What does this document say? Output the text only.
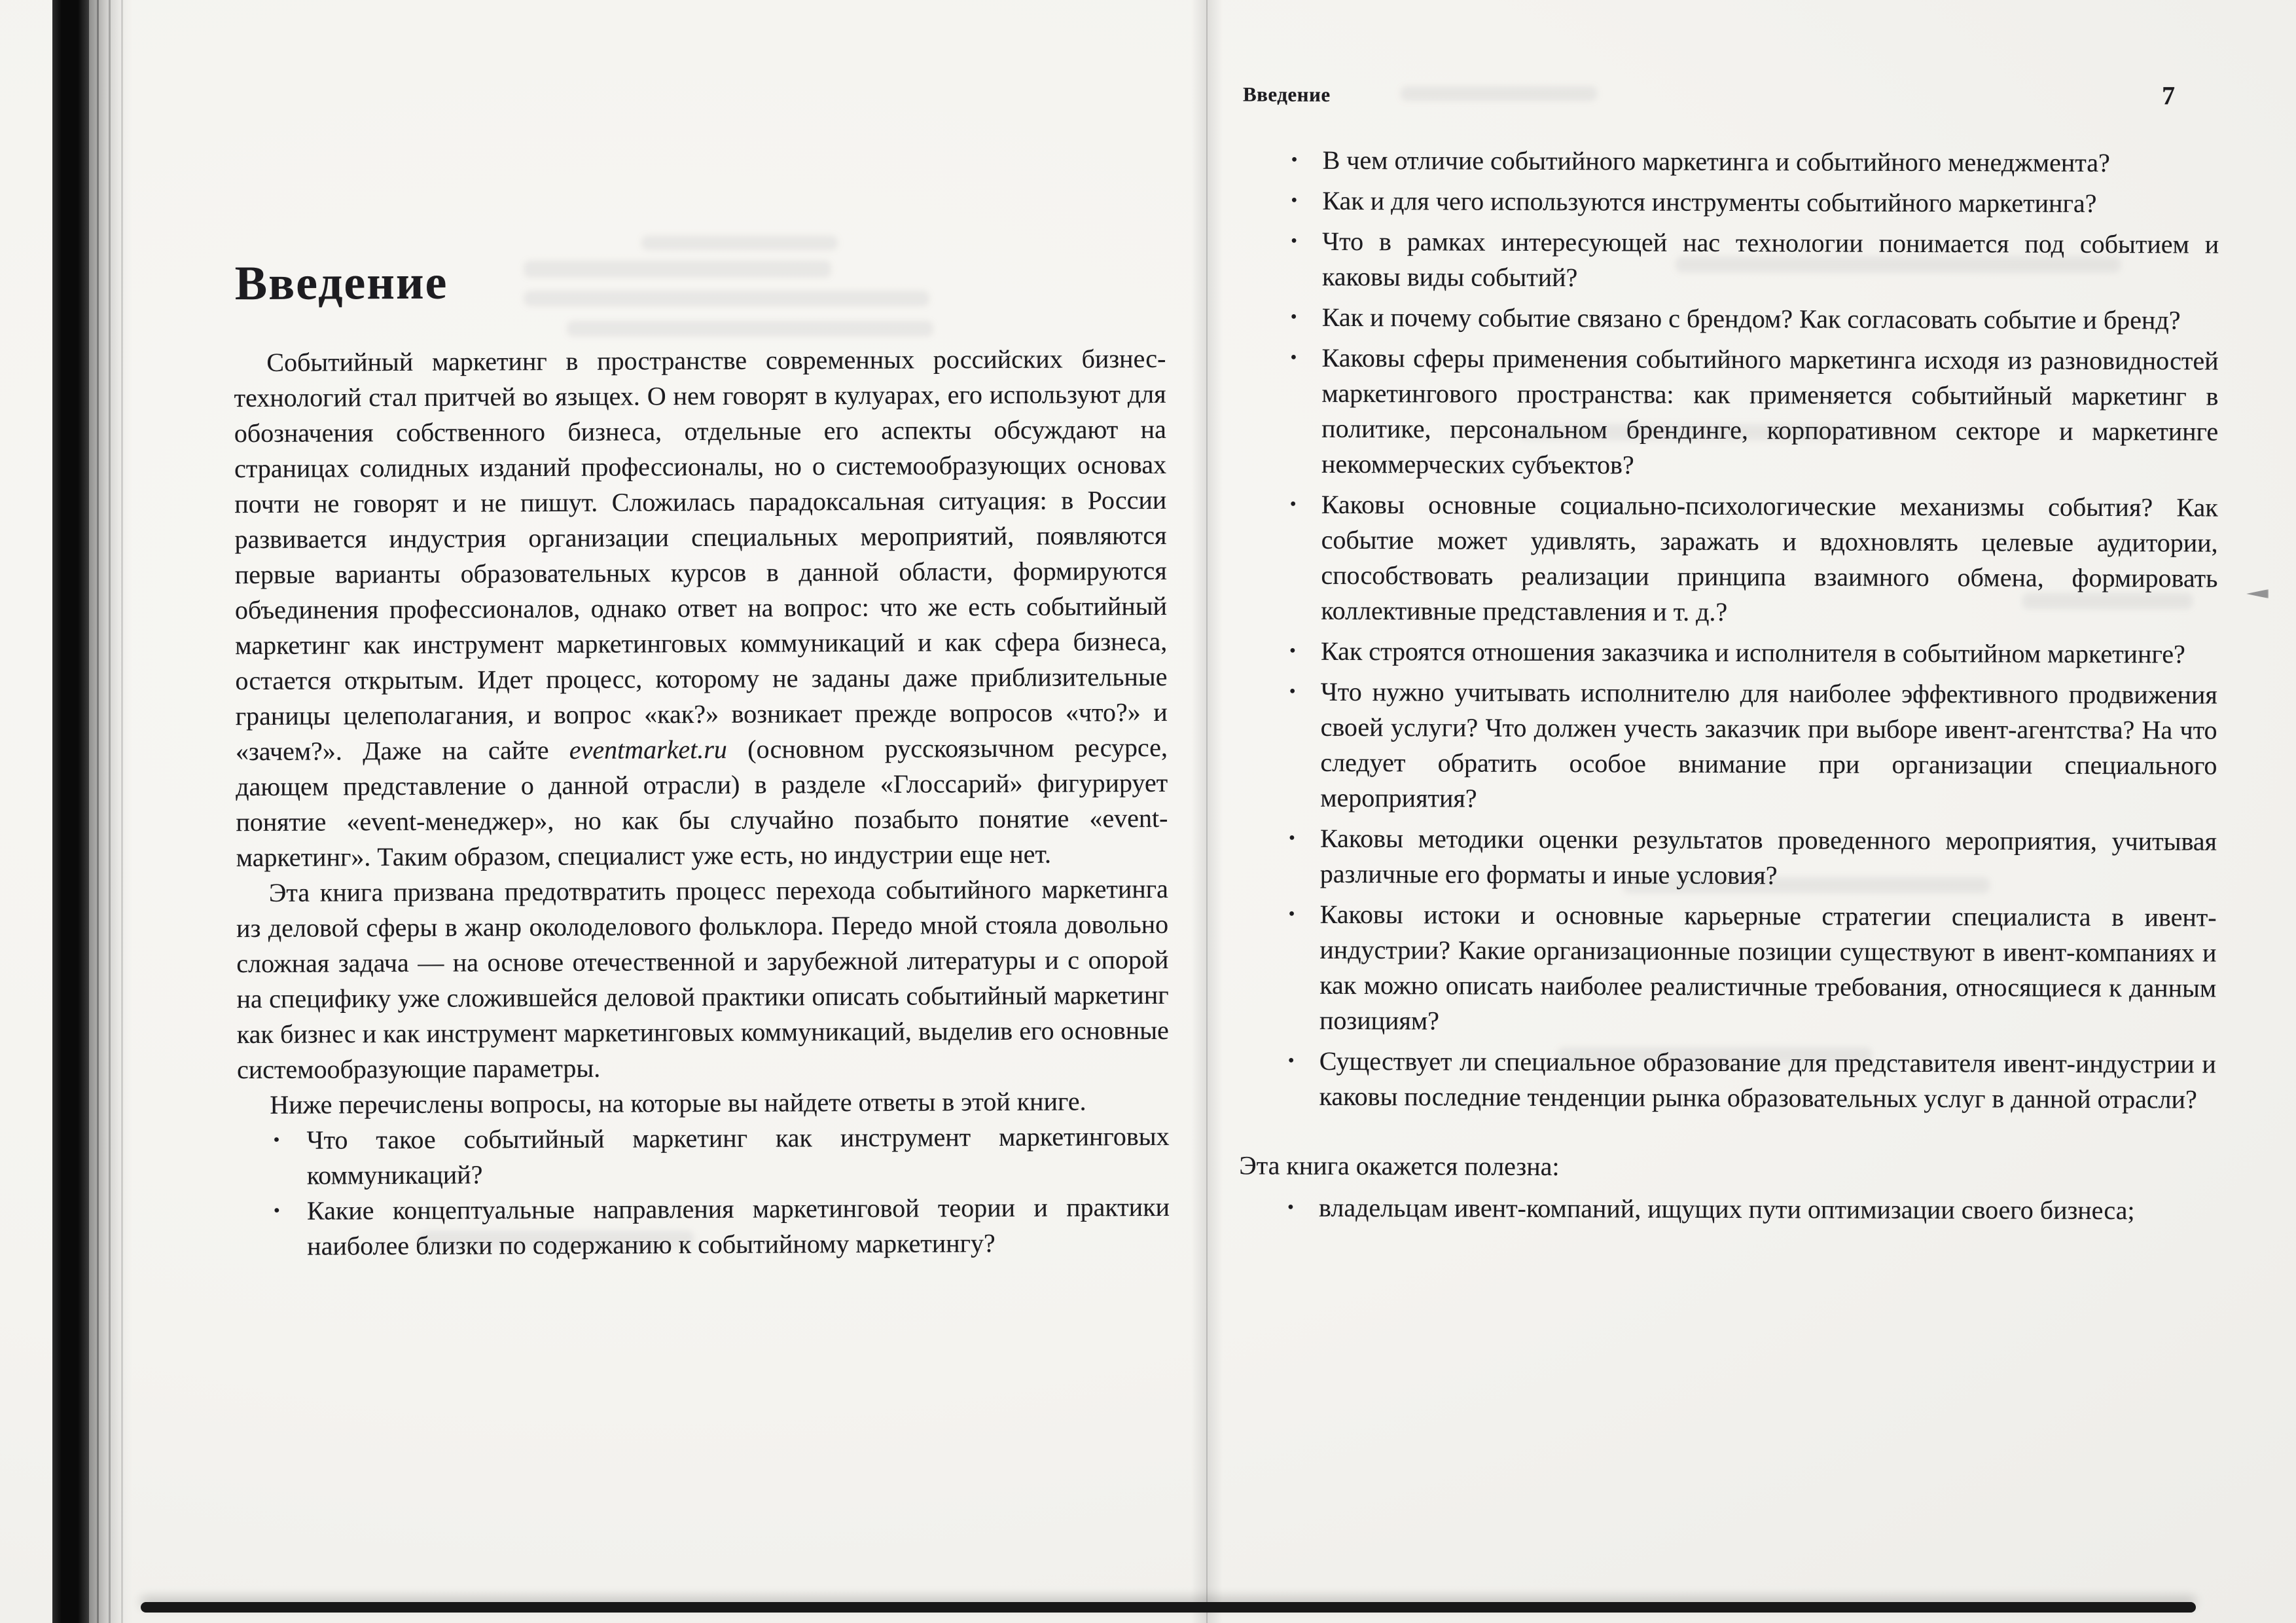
Введение

Событийный маркетинг в пространстве современных российских бизнес-технологий стал притчей во языцех. О нем говорят в кулуарах, его используют для обозначения собственного бизнеса, отдельные его аспекты обсуждают на страницах солидных изданий профессионалы, но о системообразующих основах почти не говорят и не пишут. Сложилась парадоксальная ситуация: в России развивается индустрия организации специальных мероприятий, появляются первые варианты образовательных курсов в данной области, формируются объединения профессионалов, однако ответ на вопрос: что же есть событийный маркетинг как инструмент маркетинговых коммуникаций и как сфера бизнеса, остается открытым. Идет процесс, которому не заданы даже приблизительные границы целеполагания, и вопрос «как?» возникает прежде вопросов «что?» и «зачем?». Даже на сайте eventmarket.ru (основном русскоязычном ресурсе, дающем представление о данной отрасли) в разделе «Глоссарий» фигурирует понятие «event-менеджер», но как бы случайно позабыто понятие «event-маркетинг». Таким образом, специалист уже есть, но индустрии еще нет.

Эта книга призвана предотвратить процесс перехода событийного маркетинга из деловой сферы в жанр околоделового фольклора. Передо мной стояла довольно сложная задача — на основе отечественной и зарубежной литературы и с опорой на специфику уже сложившейся деловой практики описать событийный маркетинг как бизнес и как инструмент маркетинговых коммуникаций, выделив его основные системообразующие параметры.

Ниже перечислены вопросы, на которые вы найдете ответы в этой книге.

• Что такое событийный маркетинг как инструмент маркетинговых коммуникаций?
• Какие концептуальные направления маркетинговой теории и практики наиболее близки по содержанию к событийному маркетингу?
Введение	7
• В чем отличие событийного маркетинга и событийного менеджмента?
• Как и для чего используются инструменты событийного маркетинга?
• Что в рамках интересующей нас технологии понимается под событием и каковы виды событий?
• Как и почему событие связано с брендом? Как согласовать событие и бренд?
• Каковы сферы применения событийного маркетинга исходя из разновидностей маркетингового пространства: как применяется событийный маркетинг в политике, персональном брендинге, корпоративном секторе и маркетинге некоммерческих субъектов?
• Каковы основные социально-психологические механизмы события? Как событие может удивлять, заражать и вдохновлять целевые аудитории, способствовать реализации принципа взаимного обмена, формировать коллективные представления и т. д.?
• Как строятся отношения заказчика и исполнителя в событийном маркетинге?
• Что нужно учитывать исполнителю для наиболее эффективного продвижения своей услуги? Что должен учесть заказчик при выборе ивент-агентства? На что следует обратить особое внимание при организации специального мероприятия?
• Каковы методики оценки результатов проведенного мероприятия, учитывая различные его форматы и иные условия?
• Каковы истоки и основные карьерные стратегии специалиста в ивент-индустрии? Какие организационные позиции существуют в ивент-компаниях и как можно описать наиболее реалистичные требования, относящиеся к данным позициям?
• Существует ли специальное образование для представителя ивент-индустрии и каковы последние тенденции рынка образовательных услуг в данной отрасли?

Эта книга окажется полезна:

• владельцам ивент-компаний, ищущих пути оптимизации своего бизнеса;
